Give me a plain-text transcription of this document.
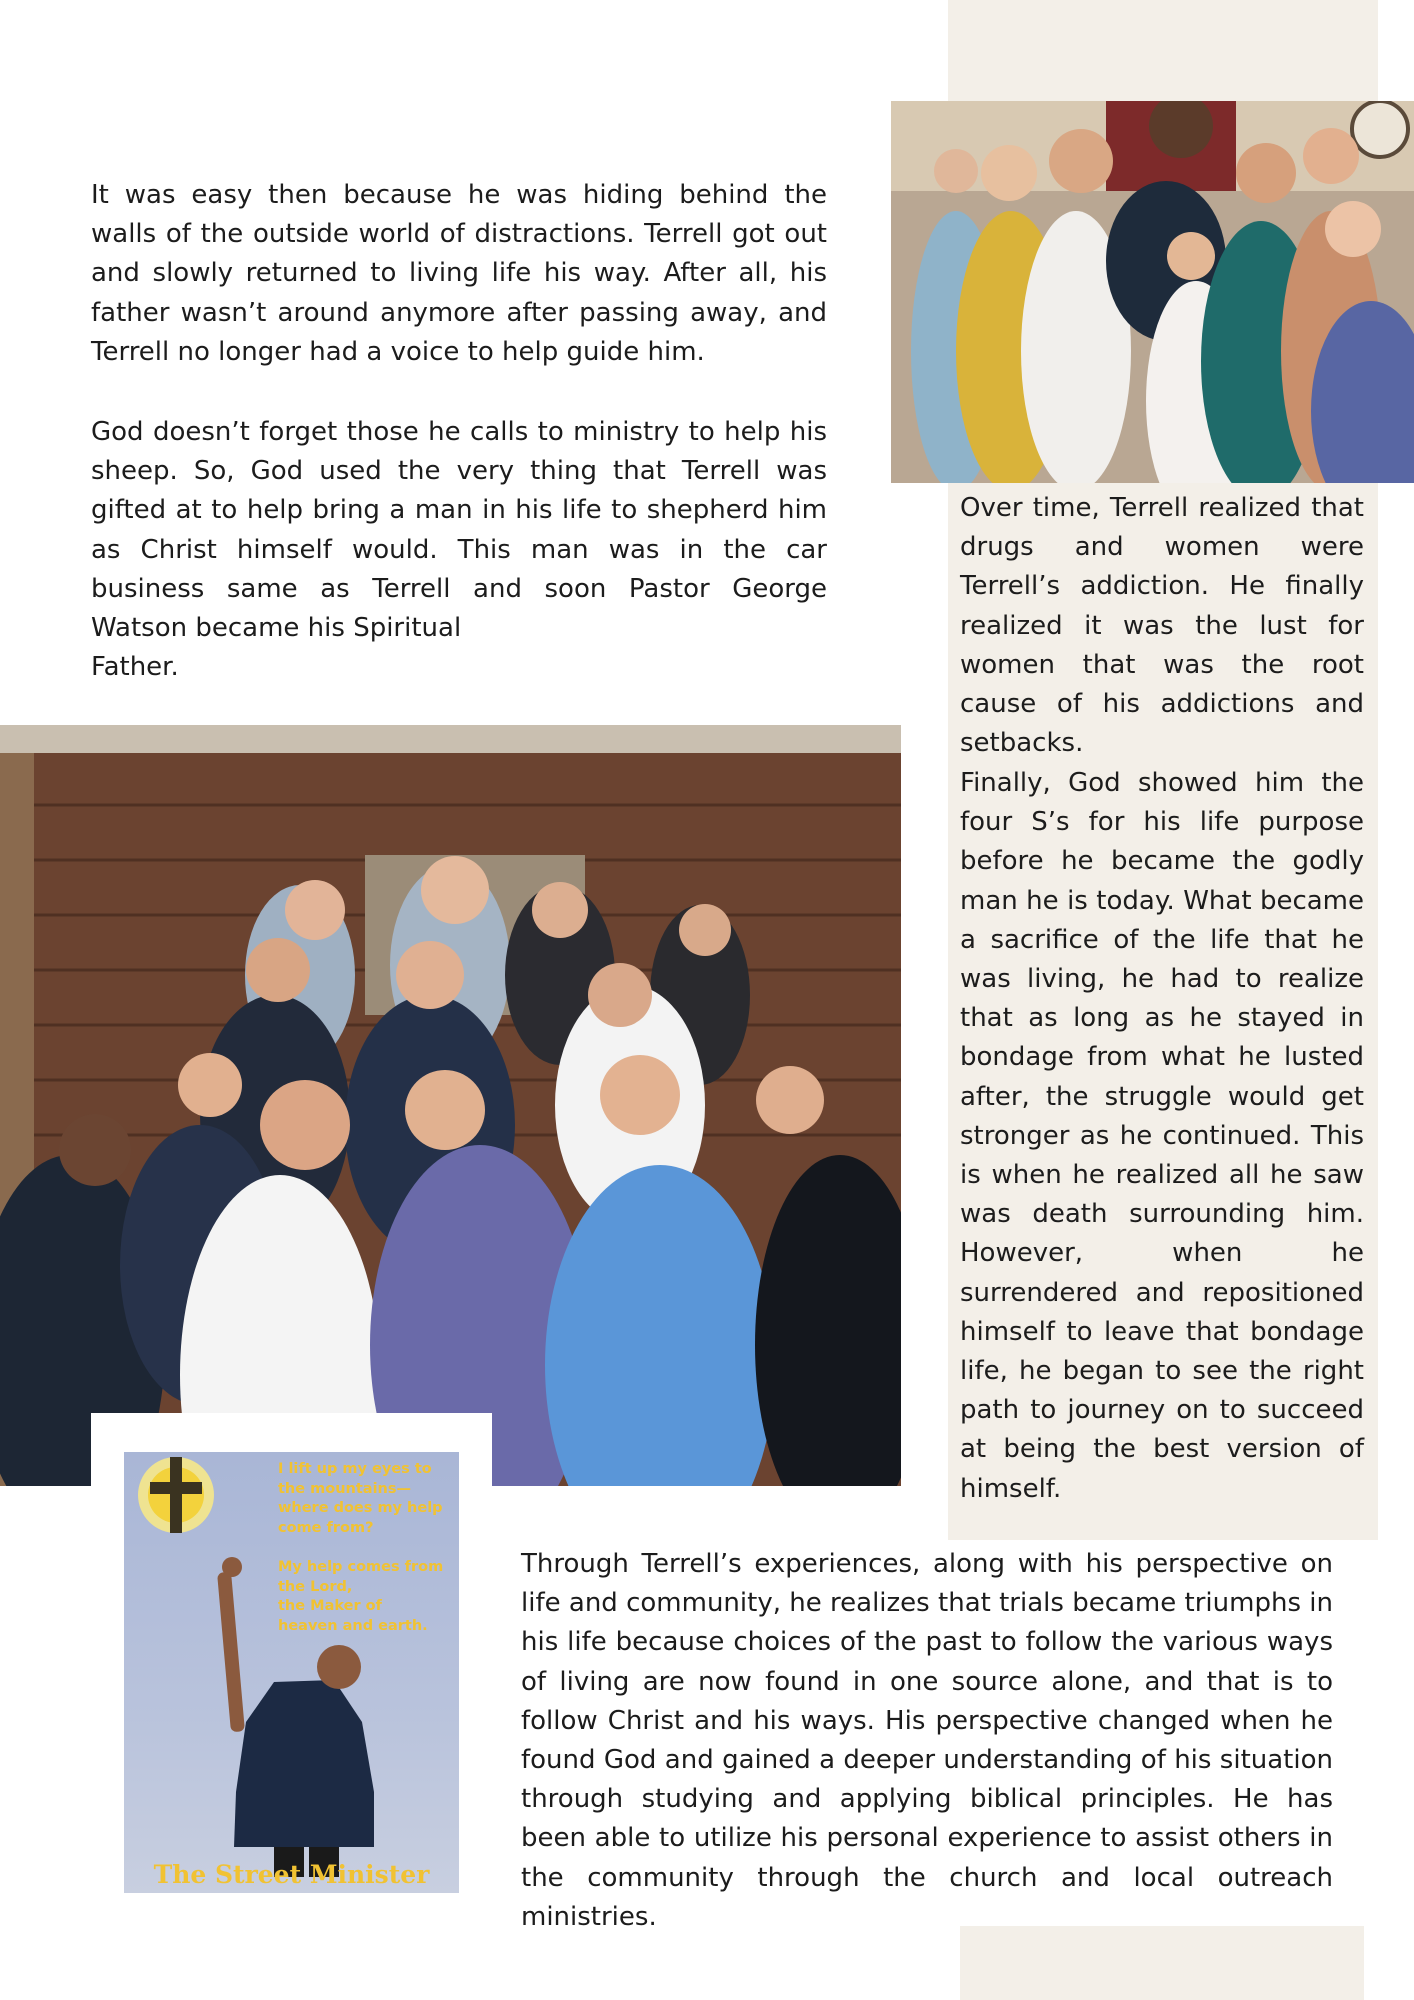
It was easy then because he was hiding behind the walls of the outside world of distractions. Terrell got out and slowly returned to living life his way. After all, his father wasn’t around anymore after passing away, and Terrell no longer had a voice to help guide him.

God doesn’t forget those he calls to ministry to help his sheep. So, God used the very thing that Terrell was gifted at to help bring a man in his life to shepherd him as Christ himself would. This man was in the car business same as Terrell and soon Pastor George Watson became his Spiritual
Father.

Over time, Terrell realized that drugs and women were Terrell’s addiction. He finally realized it was the lust for women that was the root cause of his addictions and setbacks.

Finally, God showed him the four S’s for his life purpose before he became the godly man he is today. What became a sacrifice of the life that he was living, he had to realize that as long as he stayed in bondage from what he lusted after, the struggle would get stronger as he continued. This is when he realized all he saw was death surrounding him. However, when he surrendered and repositioned himself to leave that bondage life, he began to see the right path to journey on to succeed at being the best version of himself.

I lift up my eyes to
the mountains—
where does my help
come from?

My help comes from
the Lord,
the Maker of
heaven and earth.

The Street Minister

Through Terrell’s experiences, along with his perspective on life and community, he realizes that trials became triumphs in his life because choices of the past to follow the various ways of living are now found in one source alone, and that is to follow Christ and his ways. His perspective changed when he found God and gained a deeper understanding of his situation through studying and applying biblical principles. He has been able to utilize his personal experience to assist others in the community through the church and local outreach ministries.
